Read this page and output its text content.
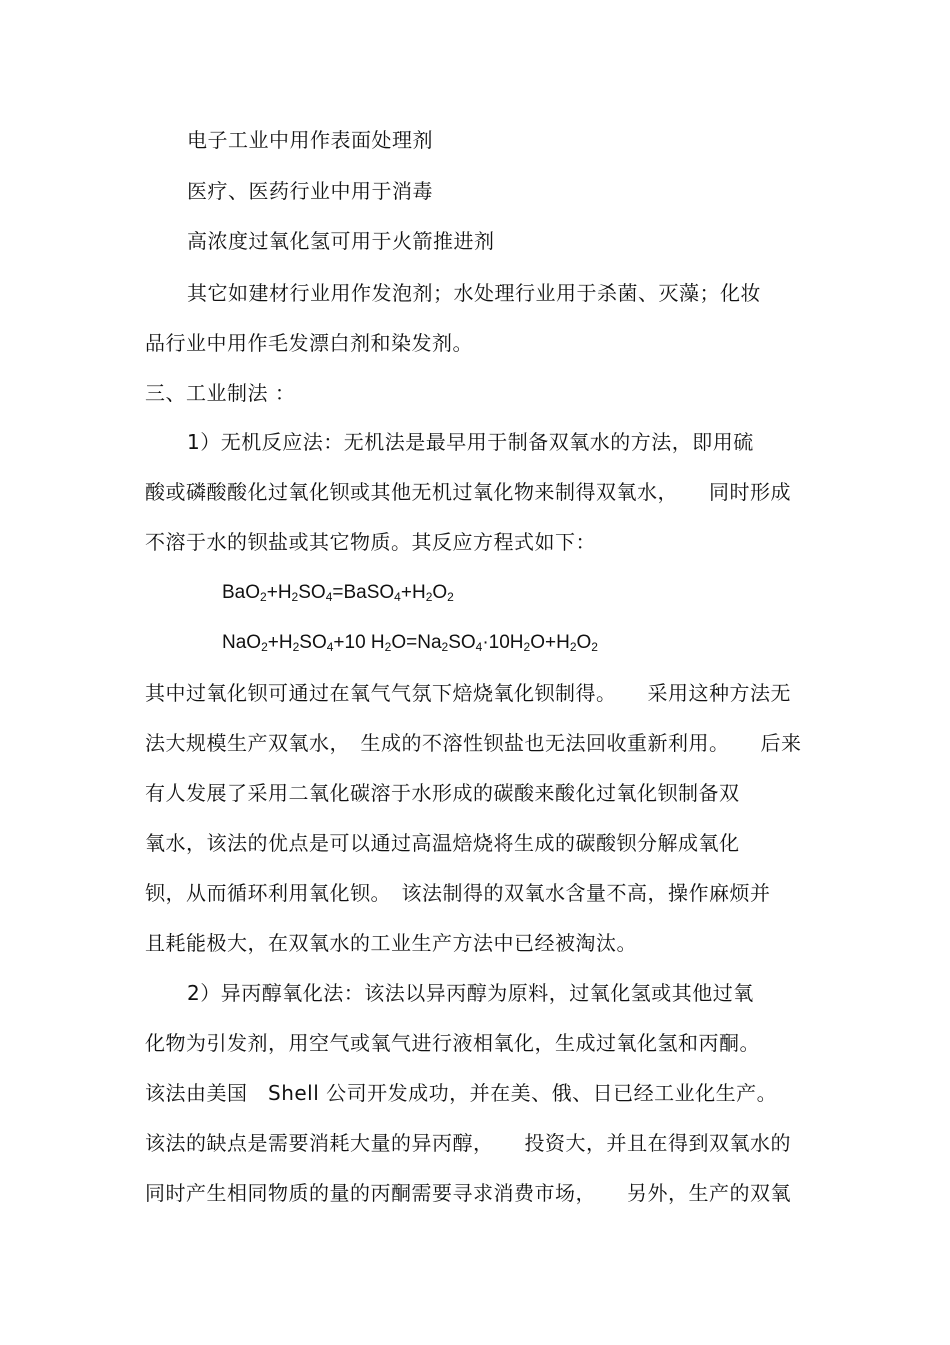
电子工业中用作表面处理剂
医疗、医药行业中用于消毒
高浓度过氧化氢可用于火箭推进剂
其它如建材行业用作发泡剂；水处理行业用于杀菌、灭藻；化妆
品行业中用作毛发漂白剂和染发剂。
三、工业制法 ：
1）无机反应法：无机法是最早用于制备双氧水的方法，即用硫
酸或磷酸酸化过氧化钡或其他无机过氧化物来制得双氧水，　　同时形成
不溶于水的钡盐或其它物质。其反应方程式如下：
$BaO_2+H_2SO_4=BaSO_4+H_2O_2$
$NaO_2+H_2SO_4+10$ $H_2O=Na_2SO_4\cdot 10H_2O+H_2O_2$
其中过氧化钡可通过在氧气气氛下焙烧氧化钡制得。　　采用这种方法无
法大规模生产双氧水，　生成的不溶性钡盐也无法回收重新利用。　　后来
有人发展了采用二氧化碳溶于水形成的碳酸来酸化过氧化钡制备双
氧水，该法的优点是可以通过高温焙烧将生成的碳酸钡分解成氧化
钡，从而循环利用氧化钡。　该法制得的双氧水含量不高，操作麻烦并
且耗能极大，在双氧水的工业生产方法中已经被淘汰。
2）异丙醇氧化法：该法以异丙醇为原料，过氧化氢或其他过氧
化物为引发剂，用空气或氧气进行液相氧化，生成过氧化氢和丙酮。
该法由美国　Shell 公司开发成功，并在美、俄、日已经工业化生产。
该法的缺点是需要消耗大量的异丙醇，　　投资大，并且在得到双氧水的
同时产生相同物质的量的丙酮需要寻求消费市场，　　另外，生产的双氧
